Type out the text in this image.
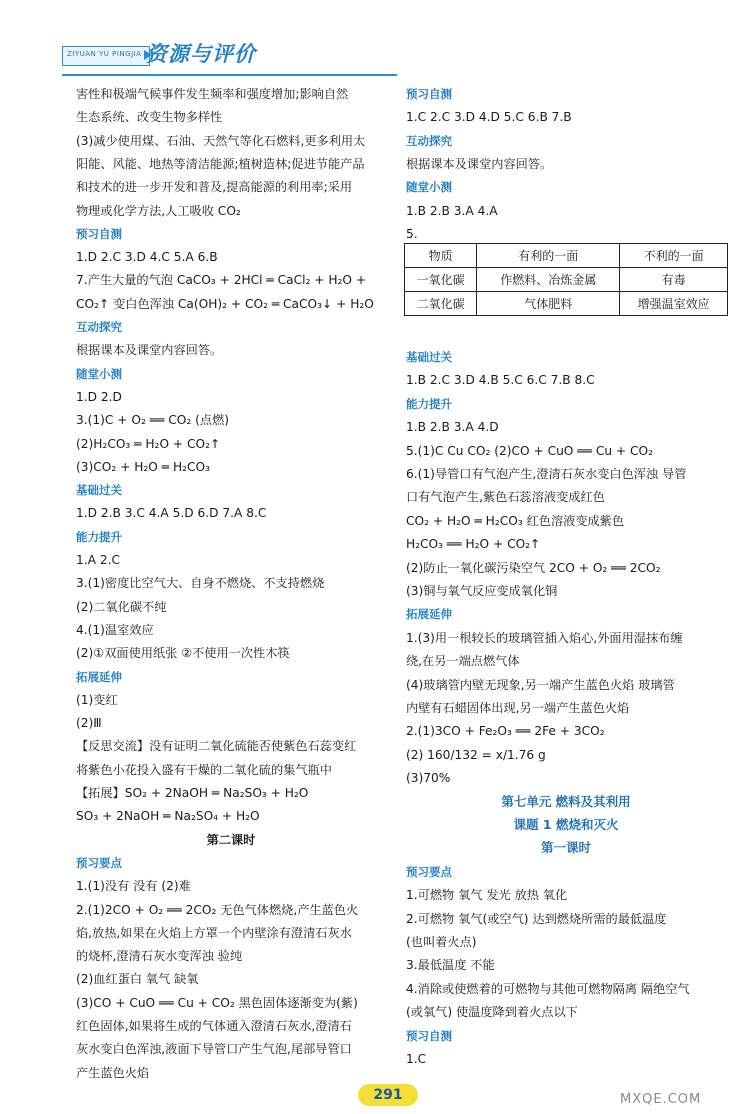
ZIYUAN YU PINGJIA 资源与评价
害性和极端气候事件发生频率和强度增加;影响自然
生态系统、改变生物多样性
(3)减少使用煤、石油、天然气等化石燃料,更多利用太
阳能、风能、地热等清洁能源;植树造林;促进节能产品
和技术的进一步开发和普及,提高能源的利用率;采用
物理或化学方法,人工吸收 CO₂
预习自测
1.D 2.C 3.D 4.C 5.A 6.B
7.产生大量的气泡 CaCO₃ + 2HCl ═ CaCl₂ + H₂O +
CO₂↑ 变白色浑浊 Ca(OH)₂ + CO₂ ═ CaCO₃↓ + H₂O
互动探究
根据课本及课堂内容回答。
随堂小测
1.D 2.D
3.(1)C + O₂ ══ CO₂ (点燃)
(2)H₂CO₃ ═ H₂O + CO₂↑
(3)CO₂ + H₂O ═ H₂CO₃
基础过关
1.D 2.B 3.C 4.A 5.D 6.D 7.A 8.C
能力提升
1.A 2.C
3.(1)密度比空气大、自身不燃烧、不支持燃烧
(2)二氧化碳不纯
4.(1)温室效应
(2)①双面使用纸张 ②不使用一次性木筷
拓展延伸
(1)变红
(2)Ⅲ
【反思交流】没有证明二氧化硫能否使紫色石蕊变红
将紫色小花投入盛有干燥的二氧化硫的集气瓶中
【拓展】SO₂ + 2NaOH ═ Na₂SO₃ + H₂O
SO₃ + 2NaOH ═ Na₂SO₄ + H₂O
第二课时
预习要点
1.(1)没有 没有 (2)难
2.(1)2CO + O₂ ══ 2CO₂ 无色气体燃烧,产生蓝色火
焰,放热,如果在火焰上方罩一个内壁涂有澄清石灰水
的烧杯,澄清石灰水变浑浊 验纯
(2)血红蛋白 氧气 缺氧
(3)CO + CuO ══ Cu + CO₂ 黑色固体逐渐变为(紫)
红色固体,如果将生成的气体通入澄清石灰水,澄清石
灰水变白色浑浊,液面下导管口产生气泡,尾部导管口
产生蓝色火焰
预习自测
1.C 2.C 3.D 4.D 5.C 6.B 7.B
互动探究
根据课本及课堂内容回答。
随堂小测
1.B 2.B 3.A 4.A
5.
基础过关
1.B 2.C 3.D 4.B 5.C 6.C 7.B 8.C
能力提升
1.B 2.B 3.A 4.D
5.(1)C Cu CO₂ (2)CO + CuO ══ Cu + CO₂
6.(1)导管口有气泡产生,澄清石灰水变白色浑浊 导管
口有气泡产生,紫色石蕊溶液变成红色
CO₂ + H₂O ═ H₂CO₃ 红色溶液变成紫色
H₂CO₃ ══ H₂O + CO₂↑
(2)防止一氧化碳污染空气 2CO + O₂ ══ 2CO₂
(3)铜与氧气反应变成氧化铜
拓展延伸
1.(3)用一根较长的玻璃管插入焰心,外面用湿抹布缠
绕,在另一端点燃气体
(4)玻璃管内壁无现象,另一端产生蓝色火焰 玻璃管
内壁有石蜡固体出现,另一端产生蓝色火焰
2.(1)3CO + Fe₂O₃ ══ 2Fe + 3CO₂
(2) 160/132 = x/1.76 g
(3)70%
第七单元 燃料及其利用
课题 1 燃烧和灭火
第一课时
预习要点
1.可燃物 氧气 发光 放热 氧化
2.可燃物 氧气(或空气) 达到燃烧所需的最低温度
(也叫着火点)
3.最低温度 不能
4.消除或使燃着的可燃物与其他可燃物隔离 隔绝空气
(或氧气) 使温度降到着火点以下
预习自测
1.C
物质	有利的一面	不利的一面
一氧化碳	作燃料、冶炼金属	有毒
二氧化碳	气体肥料	增强温室效应
291	MXQE.COM
